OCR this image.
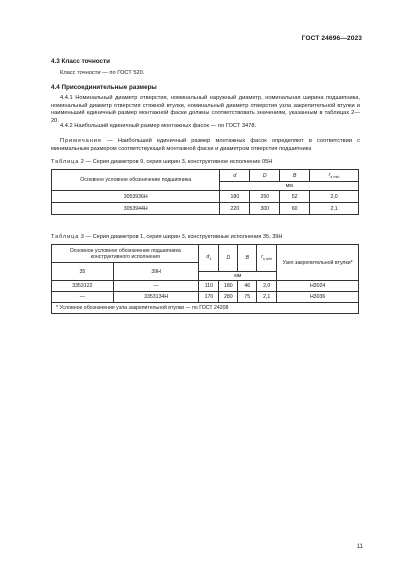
ГОСТ 24696—2023
4.3 Класс точности
Класс точности — по ГОСТ 520.
4.4 Присоединительные размеры
4.4.1 Номинальный диаметр отверстия, номинальный наружный диаметр, номинальная ширина подшипника, номинальный диаметр отверстия стяжной втулки, номинальный диаметр отверстия узла закрепительной втулки и наименьший единичный размер монтажной фаски должны соответствовать значениям, указанным в таблицах 2—20.
4.4.2 Наибольший единичный размер монтажных фасок — по ГОСТ 3478.
Примечание — Наибольший единичный размер монтажных фасок определяют в соответствии с минимальным размером соответствующей монтажной фаски и диаметром отверстия подшипника
Таблица 2 — Серия диаметров 9, серия ширин 3, конструктивное исполнение 05Н
Основное условное обозначение подшипника	d	D	B	$r_{s min}$
	мм			
3053936Н	180	250	52	2,0
3053944Н	220	300	60	2,1
Таблица 3 — Серия диаметров 1, серия ширин 3, конструктивные исполнения 35, 39Н
Основное условное обозначение подшипника конструктивного исполнения		$d_1$	D	B	$r_{s min}$	Узел закрепительной втулки*
35	39Н					
		мм				
3353122	—	110	180	46	2,0	Н3024
—	3353134Н	170	280	75	2,1	Н3036
* Условное обозначение узла закрепительной втулки — по ГОСТ 24208						
11
